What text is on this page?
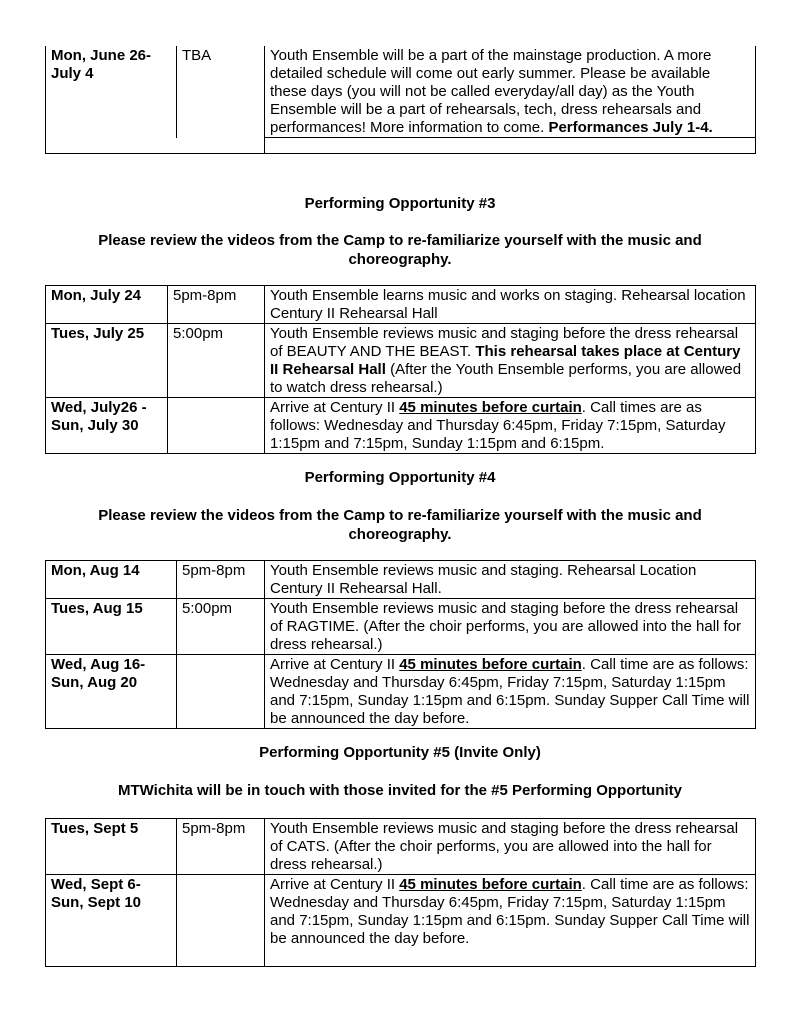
Mon, June 26- July 4	TBA	Youth Ensemble will be a part of the mainstage production. A more detailed schedule will come out early summer. Please be available these days (you will not be called everyday/all day) as the Youth Ensemble will be a part of rehearsals, tech, dress rehearsals and performances! More information to come. Performances July 1-4.

Performing Opportunity #3
Please review the videos from the Camp to re-familiarize yourself with the music and choreography.
Mon, July 24	5pm-8pm	Youth Ensemble learns music and works on staging. Rehearsal location Century II Rehearsal Hall
Tues, July 25	5:00pm	Youth Ensemble reviews music and staging before the dress rehearsal of BEAUTY AND THE BEAST. This rehearsal takes place at Century II Rehearsal Hall (After the Youth Ensemble performs, you are allowed to watch dress rehearsal.)
Wed, July26 - Sun, July 30		Arrive at Century II 45 minutes before curtain. Call times are as follows: Wednesday and Thursday 6:45pm, Friday 7:15pm, Saturday 1:15pm and 7:15pm, Sunday 1:15pm and 6:15pm.
Performing Opportunity #4
Please review the videos from the Camp to re-familiarize yourself with the music and choreography.
Mon, Aug 14	5pm-8pm	Youth Ensemble reviews music and staging. Rehearsal Location Century II Rehearsal Hall.
Tues, Aug 15	5:00pm	Youth Ensemble reviews music and staging before the dress rehearsal of RAGTIME. (After the choir performs, you are allowed into the hall for dress rehearsal.)
Wed, Aug 16- Sun, Aug 20		Arrive at Century II 45 minutes before curtain. Call time are as follows: Wednesday and Thursday 6:45pm, Friday 7:15pm, Saturday 1:15pm and 7:15pm, Sunday 1:15pm and 6:15pm. Sunday Supper Call Time will be announced the day before.
Performing Opportunity #5 (Invite Only)
MTWichita will be in touch with those invited for the #5 Performing Opportunity
Tues, Sept 5	5pm-8pm	Youth Ensemble reviews music and staging before the dress rehearsal of CATS. (After the choir performs, you are allowed into the hall for dress rehearsal.)
Wed, Sept 6- Sun, Sept 10		Arrive at Century II 45 minutes before curtain. Call time are as follows: Wednesday and Thursday 6:45pm, Friday 7:15pm, Saturday 1:15pm and 7:15pm, Sunday 1:15pm and 6:15pm. Sunday Supper Call Time will be announced the day before.
